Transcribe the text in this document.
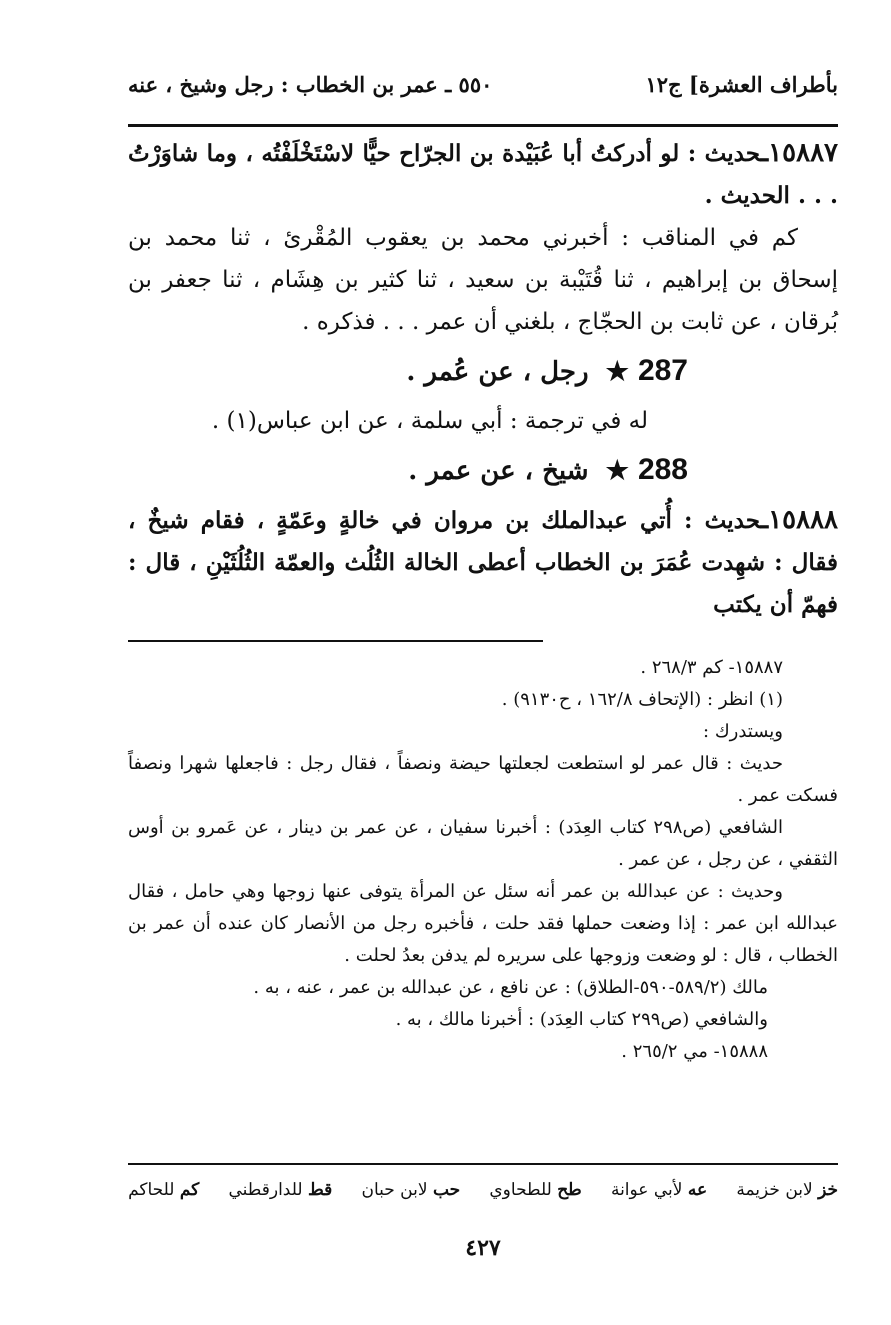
بأطراف العشرة] ج١٢
٥٥٠ ـ عمر بن الخطاب : رجل وشيخ ، عنه

١٥٨٨٧ـحديث : لو أدركتُ أبا عُبَيْدة بن الجرّاح حيًّا لاسْتَخْلَفْتُه ، وما شاوَرْتُ . . . الحديث .

كم في المناقب : أخبرني محمد بن يعقوب المُقْرئ ، ثنا محمد بن إسحاق بن إبراهيم ، ثنا قُتَيْبة بن سعيد ، ثنا كثير بن هِشَام ، ثنا جعفر بن بُرقان ، عن ثابت بن الحجّاج ، بلغني أن عمر . . . فذكره .

287 ★ رجل ، عن عُمر .

له في ترجمة : أبي سلمة ، عن ابن عباس(١) .

288 ★ شيخ ، عن عمر .

١٥٨٨٨ـحديث : أُتي عبدالملك بن مروان في خالةٍ وعَمّةٍ ، فقام شيخٌ ، فقال : شهِدت عُمَرَ بن الخطاب أعطى الخالة الثُلُث والعمّة الثُلُثَيْنِ ، قال : فهمّ أن يكتب

١٥٨٨٧- كم ٢٦٨/٣ .

(١) انظر : (الإتحاف ١٦٢/٨ ، ح٩١٣٠) .

ويستدرك :

حديث : قال عمر لو استطعت لجعلتها حيضة ونصفاً ، فقال رجل : فاجعلها شهرا ونصفاً فسكت عمر .

الشافعي (ص٢٩٨ كتاب العِدَد) : أخبرنا سفيان ، عن عمر بن دينار ، عن عَمرو بن أوس الثقفي ، عن رجل ، عن عمر .

وحديث : عن عبدالله بن عمر أنه سئل عن المرأة يتوفى عنها زوجها وهي حامل ، فقال عبدالله ابن عمر : إذا وضعت حملها فقد حلت ، فأخبره رجل من الأنصار كان عنده أن عمر بن الخطاب ، قال : لو وضعت وزوجها على سريره لم يدفن بعدُ لحلت .

مالك (٥٨٩/٢-٥٩٠-الطلاق) : عن نافع ، عن عبدالله بن عمر ، عنه ، به .

والشافعي (ص٢٩٩ كتاب العِدَد) : أخبرنا مالك ، به .

١٥٨٨٨- مي ٢٦٥/٢ .

خز لابن خزيمة
عه لأبي عوانة
طح للطحاوي
حب لابن حبان
قط للدارقطني
كم للحاكم
٤٢٧
